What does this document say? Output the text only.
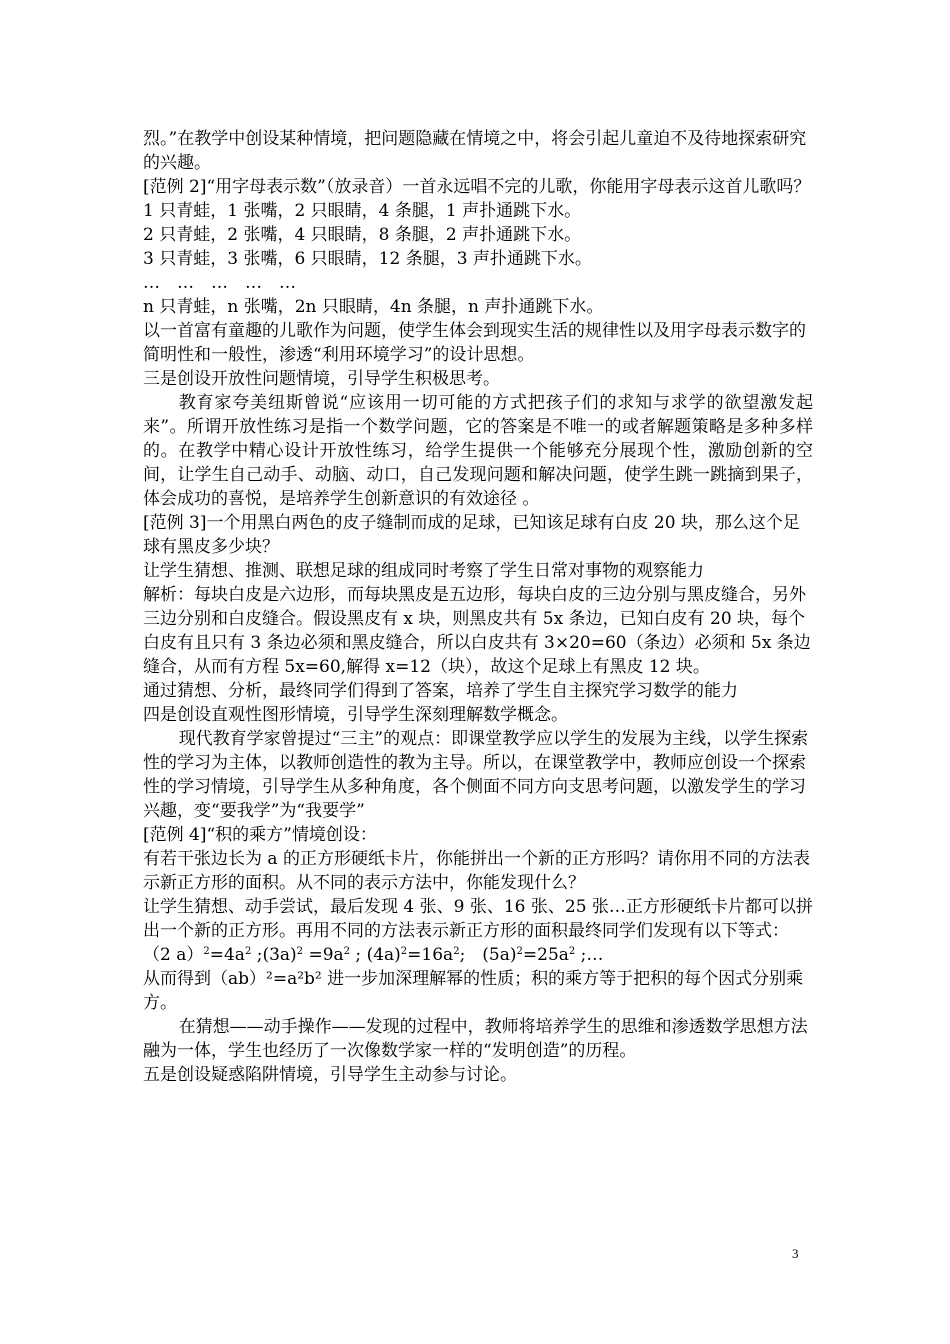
烈。”在教学中创设某种情境，把问题隐藏在情境之中，将会引起儿童迫不及待地探索研究的兴趣。

[范例 2]“用字母表示数”（放录音）一首永远唱不完的儿歌，你能用字母表示这首儿歌吗？

1 只青蛙，1 张嘴，2 只眼睛，4 条腿，1 声扑通跳下水。

2 只青蛙，2 张嘴，4 只眼睛，8 条腿，2 声扑通跳下水。

3 只青蛙，3 张嘴，6 只眼睛，12 条腿，3 声扑通跳下水。

…　…　…　…　…

n 只青蛙，n 张嘴，2n 只眼睛，4n 条腿，n 声扑通跳下水。

以一首富有童趣的儿歌作为问题，使学生体会到现实生活的规律性以及用字母表示数字的简明性和一般性，渗透“利用环境学习”的设计思想。

三是创设开放性问题情境，引导学生积极思考。

教育家夸美纽斯曾说“应该用一切可能的方式把孩子们的求知与求学的欲望激发起来”。所谓开放性练习是指一个数学问题，它的答案是不唯一的或者解题策略是多种多样的。在教学中精心设计开放性练习，给学生提供一个能够充分展现个性，激励创新的空间，让学生自己动手、动脑、动口，自己发现问题和解决问题，使学生跳一跳摘到果子，体会成功的喜悦，是培养学生创新意识的有效途径 。

[范例 3]一个用黑白两色的皮子缝制而成的足球，已知该足球有白皮 20 块，那么这个足球有黑皮多少块？

让学生猜想、推测、联想足球的组成同时考察了学生日常对事物的观察能力

解析：每块白皮是六边形，而每块黑皮是五边形，每块白皮的三边分别与黑皮缝合，另外三边分别和白皮缝合。假设黑皮有 x 块，则黑皮共有 5x 条边，已知白皮有 20 块，每个白皮有且只有 3 条边必须和黑皮缝合，所以白皮共有 3×20=60（条边）必须和 5x 条边缝合，从而有方程 5x=60,解得 x=12（块），故这个足球上有黑皮 12 块。

通过猜想、分析，最终同学们得到了答案，培养了学生自主探究学习数学的能力

四是创设直观性图形情境，引导学生深刻理解数学概念。

现代教育学家曾提过“三主”的观点：即课堂教学应以学生的发展为主线，以学生探索性的学习为主体，以教师创造性的教为主导。所以，在课堂教学中，教师应创设一个探索性的学习情境，引导学生从多种角度，各个侧面不同方向支思考问题，以激发学生的学习兴趣，变“要我学”为“我要学”

[范例 4]“积的乘方”情境创设：

有若干张边长为 a 的正方形硬纸卡片，你能拼出一个新的正方形吗？请你用不同的方法表示新正方形的面积。从不同的表示方法中，你能发现什么？

让学生猜想、动手尝试，最后发现 4 张、9 张、16 张、25 张…正方形硬纸卡片都可以拼出一个新的正方形。再用不同的方法表示新正方形的面积最终同学们发现有以下等式：

（2 $a)^2=4a^2$ $;(3a)^2 =9a^2$ ; $(4a)^2=16a^2$;　$(5a)^2=25a^2$ ;…

从而得到（ab）²=a²b² 进一步加深理解幂的性质；积的乘方等于把积的每个因式分别乘方。

在猜想——动手操作——发现的过程中，教师将培养学生的思维和渗透数学思想方法融为一体，学生也经历了一次像数学家一样的“发明创造”的历程。

五是创设疑惑陷阱情境，引导学生主动参与讨论。

3
